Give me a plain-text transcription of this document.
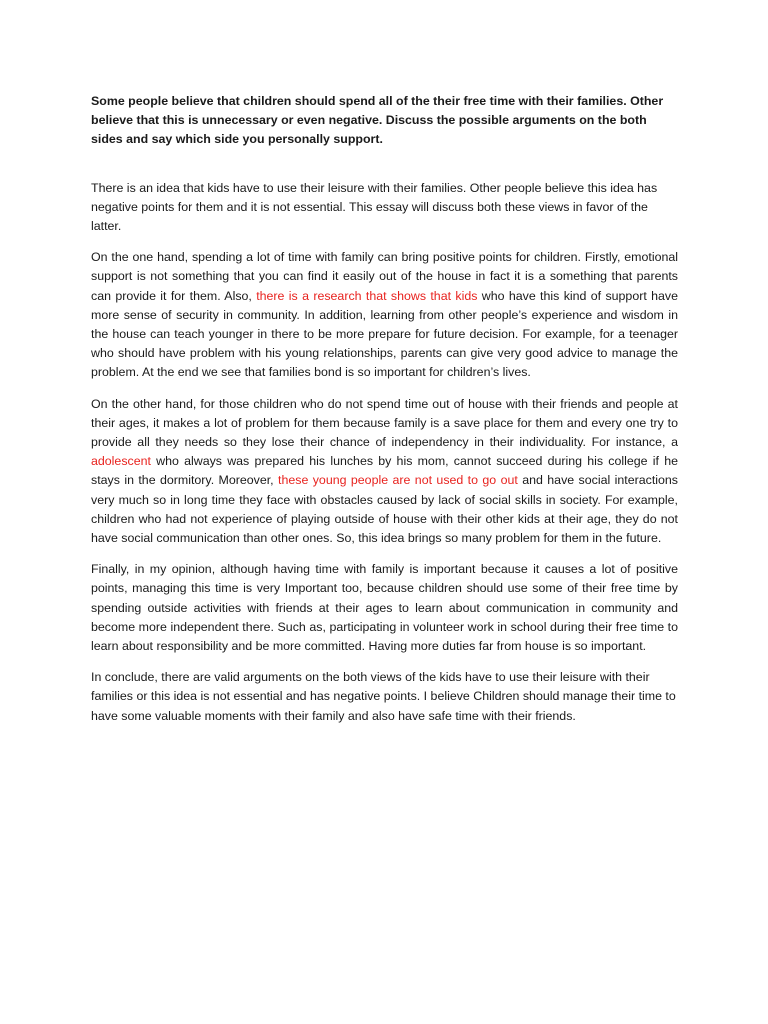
Some people believe that children should spend all of the their free time with their families. Other believe that this is unnecessary or even negative. Discuss the possible arguments on the both sides and say which side you personally support.

There is an idea that kids have to use their leisure with their families. Other people believe this idea has negative points for them and it is not essential. This essay will discuss both these views in favor of the latter.

On the one hand, spending a lot of time with family can bring positive points for children. Firstly, emotional support is not something that you can find it easily out of the house in fact it is a something that parents can provide it for them. Also, there is a research that shows that kids who have this kind of support have more sense of security in community. In addition, learning from other people’s experience and wisdom in the house can teach younger in there to be more prepare for future decision. For example, for a teenager who should have problem with his young relationships, parents can give very good advice to manage the problem. At the end we see that families bond is so important for children’s lives.

On the other hand, for those children who do not spend time out of house with their friends and people at their ages, it makes a lot of problem for them because family is a save place for them and every one try to provide all they needs so they lose their chance of independency in their individuality. For instance, a adolescent who always was prepared his lunches by his mom, cannot succeed during his college if he stays in the dormitory. Moreover, these young people are not used to go out and have social interactions very much so in long time they face with obstacles caused by lack of social skills in society. For example, children who had not experience of playing outside of house with their other kids at their age, they do not have social communication than other ones. So, this idea brings so many problem for them in the future.

Finally, in my opinion, although having time with family is important because it causes a lot of positive points, managing this time is very Important too, because children should use some of their free time by spending outside activities with friends at their ages to learn about communication in community and become more independent there. Such as, participating in volunteer work in school during their free time to learn about responsibility and be more committed. Having more duties far from house is so important.

In conclude, there are valid arguments on the both views of the kids have to use their leisure with their families or this idea is not essential and has negative points. I believe Children should manage their time to have some valuable moments with their family and also have safe time with their friends.
